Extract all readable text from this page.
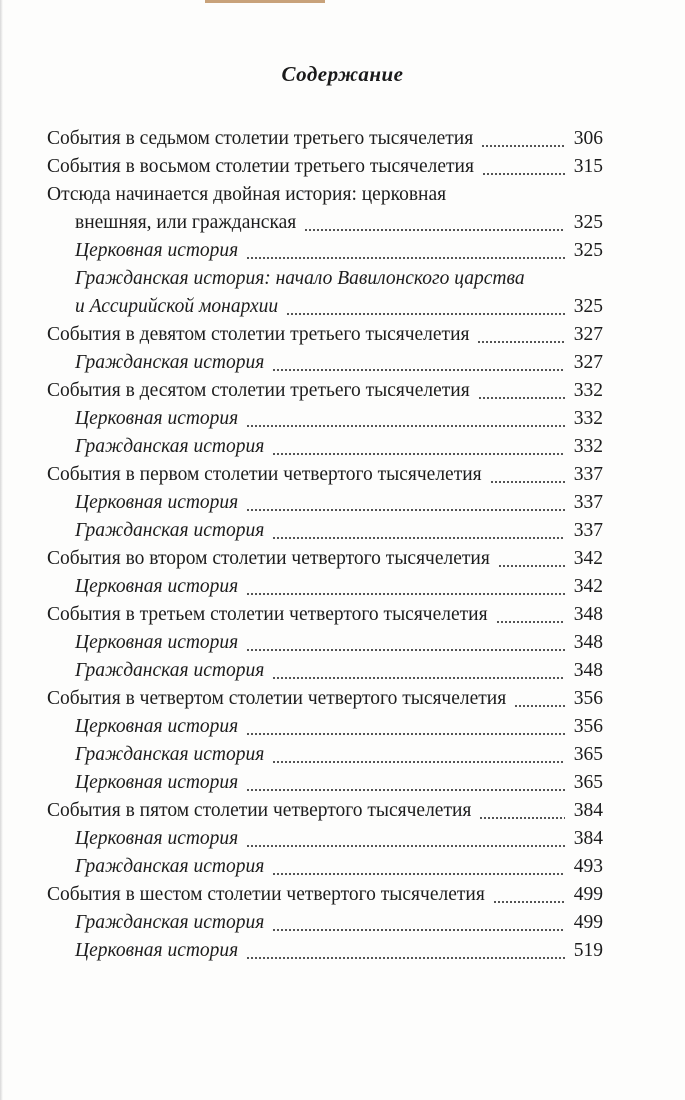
Содержание
События в седьмом столетии третьего тысячелетия	306
События в восьмом столетии третьего тысячелетия	315
Отсюда начинается двойная история: церковная
внешняя, или гражданская	325
Церковная история	325
Гражданская история: начало Вавилонского царства
и Ассирийской монархии	325
События в девятом столетии третьего тысячелетия	327
Гражданская история	327
События в десятом столетии третьего тысячелетия	332
Церковная история	332
Гражданская история	332
События в первом столетии четвертого тысячелетия	337
Церковная история	337
Гражданская история	337
События во втором столетии четвертого тысячелетия	342
Церковная история	342
События в третьем столетии четвертого тысячелетия	348
Церковная история	348
Гражданская история	348
События в четвертом столетии четвертого тысячелетия	356
Церковная история	356
Гражданская история	365
Церковная история	365
События в пятом столетии четвертого тысячелетия	384
Церковная история	384
Гражданская история	493
События в шестом столетии четвертого тысячелетия	499
Гражданская история	499
Церковная история	519
